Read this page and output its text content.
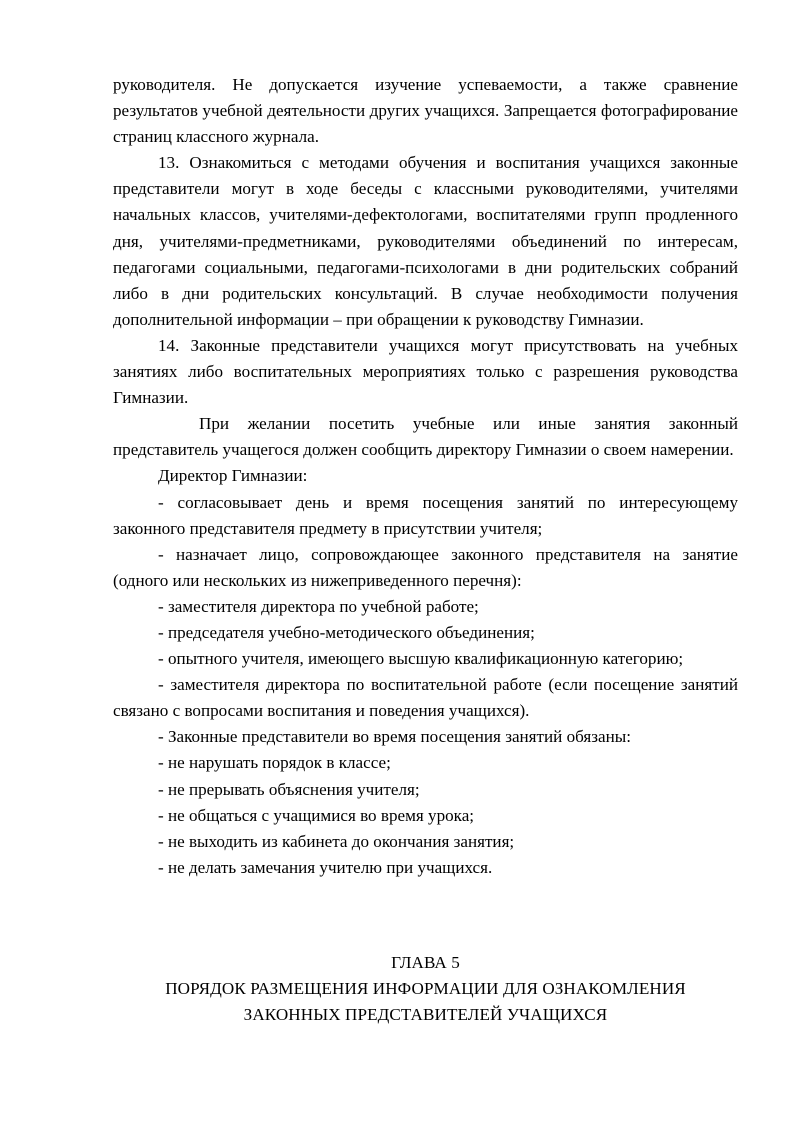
руководителя. Не допускается изучение успеваемости, а также сравнение результатов учебной деятельности других учащихся. Запрещается фотографирование страниц классного журнала.

13. Ознакомиться с методами обучения и воспитания учащихся законные представители могут в ходе беседы с классными руководителями, учителями начальных классов, учителями-дефектологами, воспитателями групп продленного дня, учителями-предметниками, руководителями объединений по интересам, педагогами социальными, педагогами-психологами в дни родительских собраний либо в дни родительских консультаций. В случае необходимости получения дополнительной информации – при обращении к руководству Гимназии.

14. Законные представители учащихся могут присутствовать на учебных занятиях либо воспитательных мероприятиях только с разрешения руководства Гимназии.

При желании посетить учебные или иные занятия законный представитель учащегося должен сообщить директору Гимназии о своем намерении.

Директор Гимназии:

- согласовывает день и время посещения занятий по интересующему законного представителя предмету в присутствии учителя;

- назначает лицо, сопровождающее законного представителя на занятие (одного или нескольких из нижеприведенного перечня):

- заместителя директора по учебной работе;

- председателя учебно-методического объединения;

- опытного учителя, имеющего высшую квалификационную категорию;

- заместителя директора по воспитательной работе (если посещение занятий связано с вопросами воспитания и поведения учащихся).

- Законные представители во время посещения занятий обязаны:

- не нарушать порядок в классе;

- не прерывать объяснения учителя;

- не общаться с учащимися во время урока;

- не выходить из кабинета до окончания занятия;

- не делать замечания учителю при учащихся.

ГЛАВА 5

ПОРЯДОК РАЗМЕЩЕНИЯ ИНФОРМАЦИИ ДЛЯ ОЗНАКОМЛЕНИЯ

ЗАКОННЫХ ПРЕДСТАВИТЕЛЕЙ УЧАЩИХСЯ
